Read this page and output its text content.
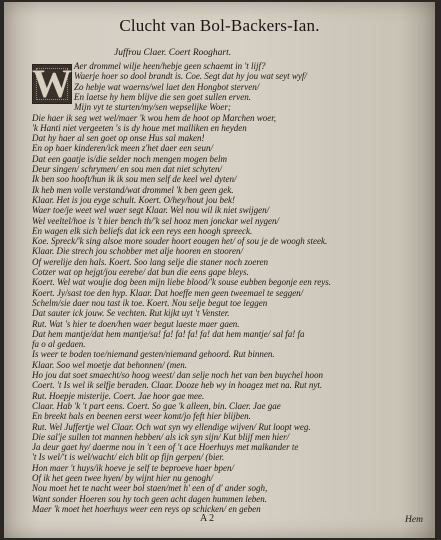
Clucht van Bol-Backers-Ian.
Juffrou Claer. Coert Rooghart.
W Aer drommel wilje heen/hebje geen schaemt in 't lijf?
Waerje hoer so dool brandt is. Coe. Segt dat hy jou wat seyt wyf/
Zo hebje wat waerns/wel laet den Hongbot sterven/
En laetse hy hem blijve die sen goet sullen erven.
Mijn vyt te sturten/my/sen wepselijke Woer;
Die haer ik seg wet wel/maer 'k wou hem de hoot op Marchen woer,
'k Hanti niet vergeeten 's is dy houe met malliken en heyden
Dat hy haer al sen goet op onse Hus sal maken!
En op haer kinderen/ick meen z'het daer een seun/
Dat een gaatje is/die selder noch mengen mogen belm
Deur singen/ schrymen/ en sou men dat niet schyten/
Ik ben soo hooft/hun ik ik sou men self de keel wel dyten/
Ik heb men volle verstand/wat drommel 'k ben geen gek.
Klaar. Het is jou eyge schult. Koert. O/hey/hout jou bek!
Waer toe/je weet wel waer segt Klaar. Wel nou wil ik niet swijgen/
Wel veeltel/hoe is 't hier bench th/'k sel hooz men jonckar wel nygen/
En wagen elk sich beliefs dat ick een reys een hoogh spreeck.
Koe. Spreck/'k sing alsoe more souder hoort eougen het/ of sou je de woogh steek.
Klaar. Die strech jou schobber met alje hooren en stooren/
Of werelije den hals. Koert. Soo lang selje die staner noch zoeren
Cotzer wat op hejgt/jou eerebe/ dat bun die eens gape bleys.
Koert. Wel wat woujie dog been mijn liebe blood/'k souse eubben begonje een reys.
Koert. Jy/sast toe den hyp. Klaar. Dat hoeffe men geen tweemael te seggen/
Schelm/sie daer nou tast ik toe. Koert. Nou selje begut toe leggen
Dat sauter ick jouw. Se vechten. Rut kijkt uyt 't Venster.
Rut. Wat 's hier te doen/hen waer begut laeste maer gaen.
Dat hem mantje/dat hem mantje/sa! fa! fa! fa! fa! dat hem mantje/ sal fa! fa
fa o al gedaen.
Is weer te boden toe/niemand gesten/niemand gehoord. Rut binnen.
Klaar. Soo wel moetje dat behonnen/ (men.
Ho jou dat soet smaecht/so hoog weest/ dan selje noch het van ben buychel hoon
Coert. 't Is wel ik selfje beraden. Claar. Dooze heb wy in hoagez met na. Rut nyt.
Rut. Hoepje misterije. Coert. Jae hoor gae mee.
Claar. Hab 'k 't part eens. Coert. So gae 'k alleen, bin. Claer. Jae gae
En breekt hals en beenen eerst weer komt/jo feft hier blijben.
Rut. Wel Juffertje wel Claar. Och wat syn wy ellendige wijven/ Rut loopt weg.
Die sal'je sullen tot mannen hebben/ als ick syn sijn/ Kut blijf men hier/
Ja deur gaet hy/ daerme nou in 't een of 't ace Hoerhuys met malkander te
't Is wel/'t is wel/wacht/ eich blit op fijn gerpen/ (bier.
Hon maer 't huys/ik hoeve je self te beproeve haer bpen/
Of ik het geen twee hyen/ by wijnt hier nu genogh/
Nou moet het te nacht weer bol staen/met h' een of d' ander sogh,
Want sonder Hoeren sou hy toch geen acht dagen hummen leben.
Maer 'k moet het hoerhuys weer een reys op schicken/ en geben
A 2	Hem
